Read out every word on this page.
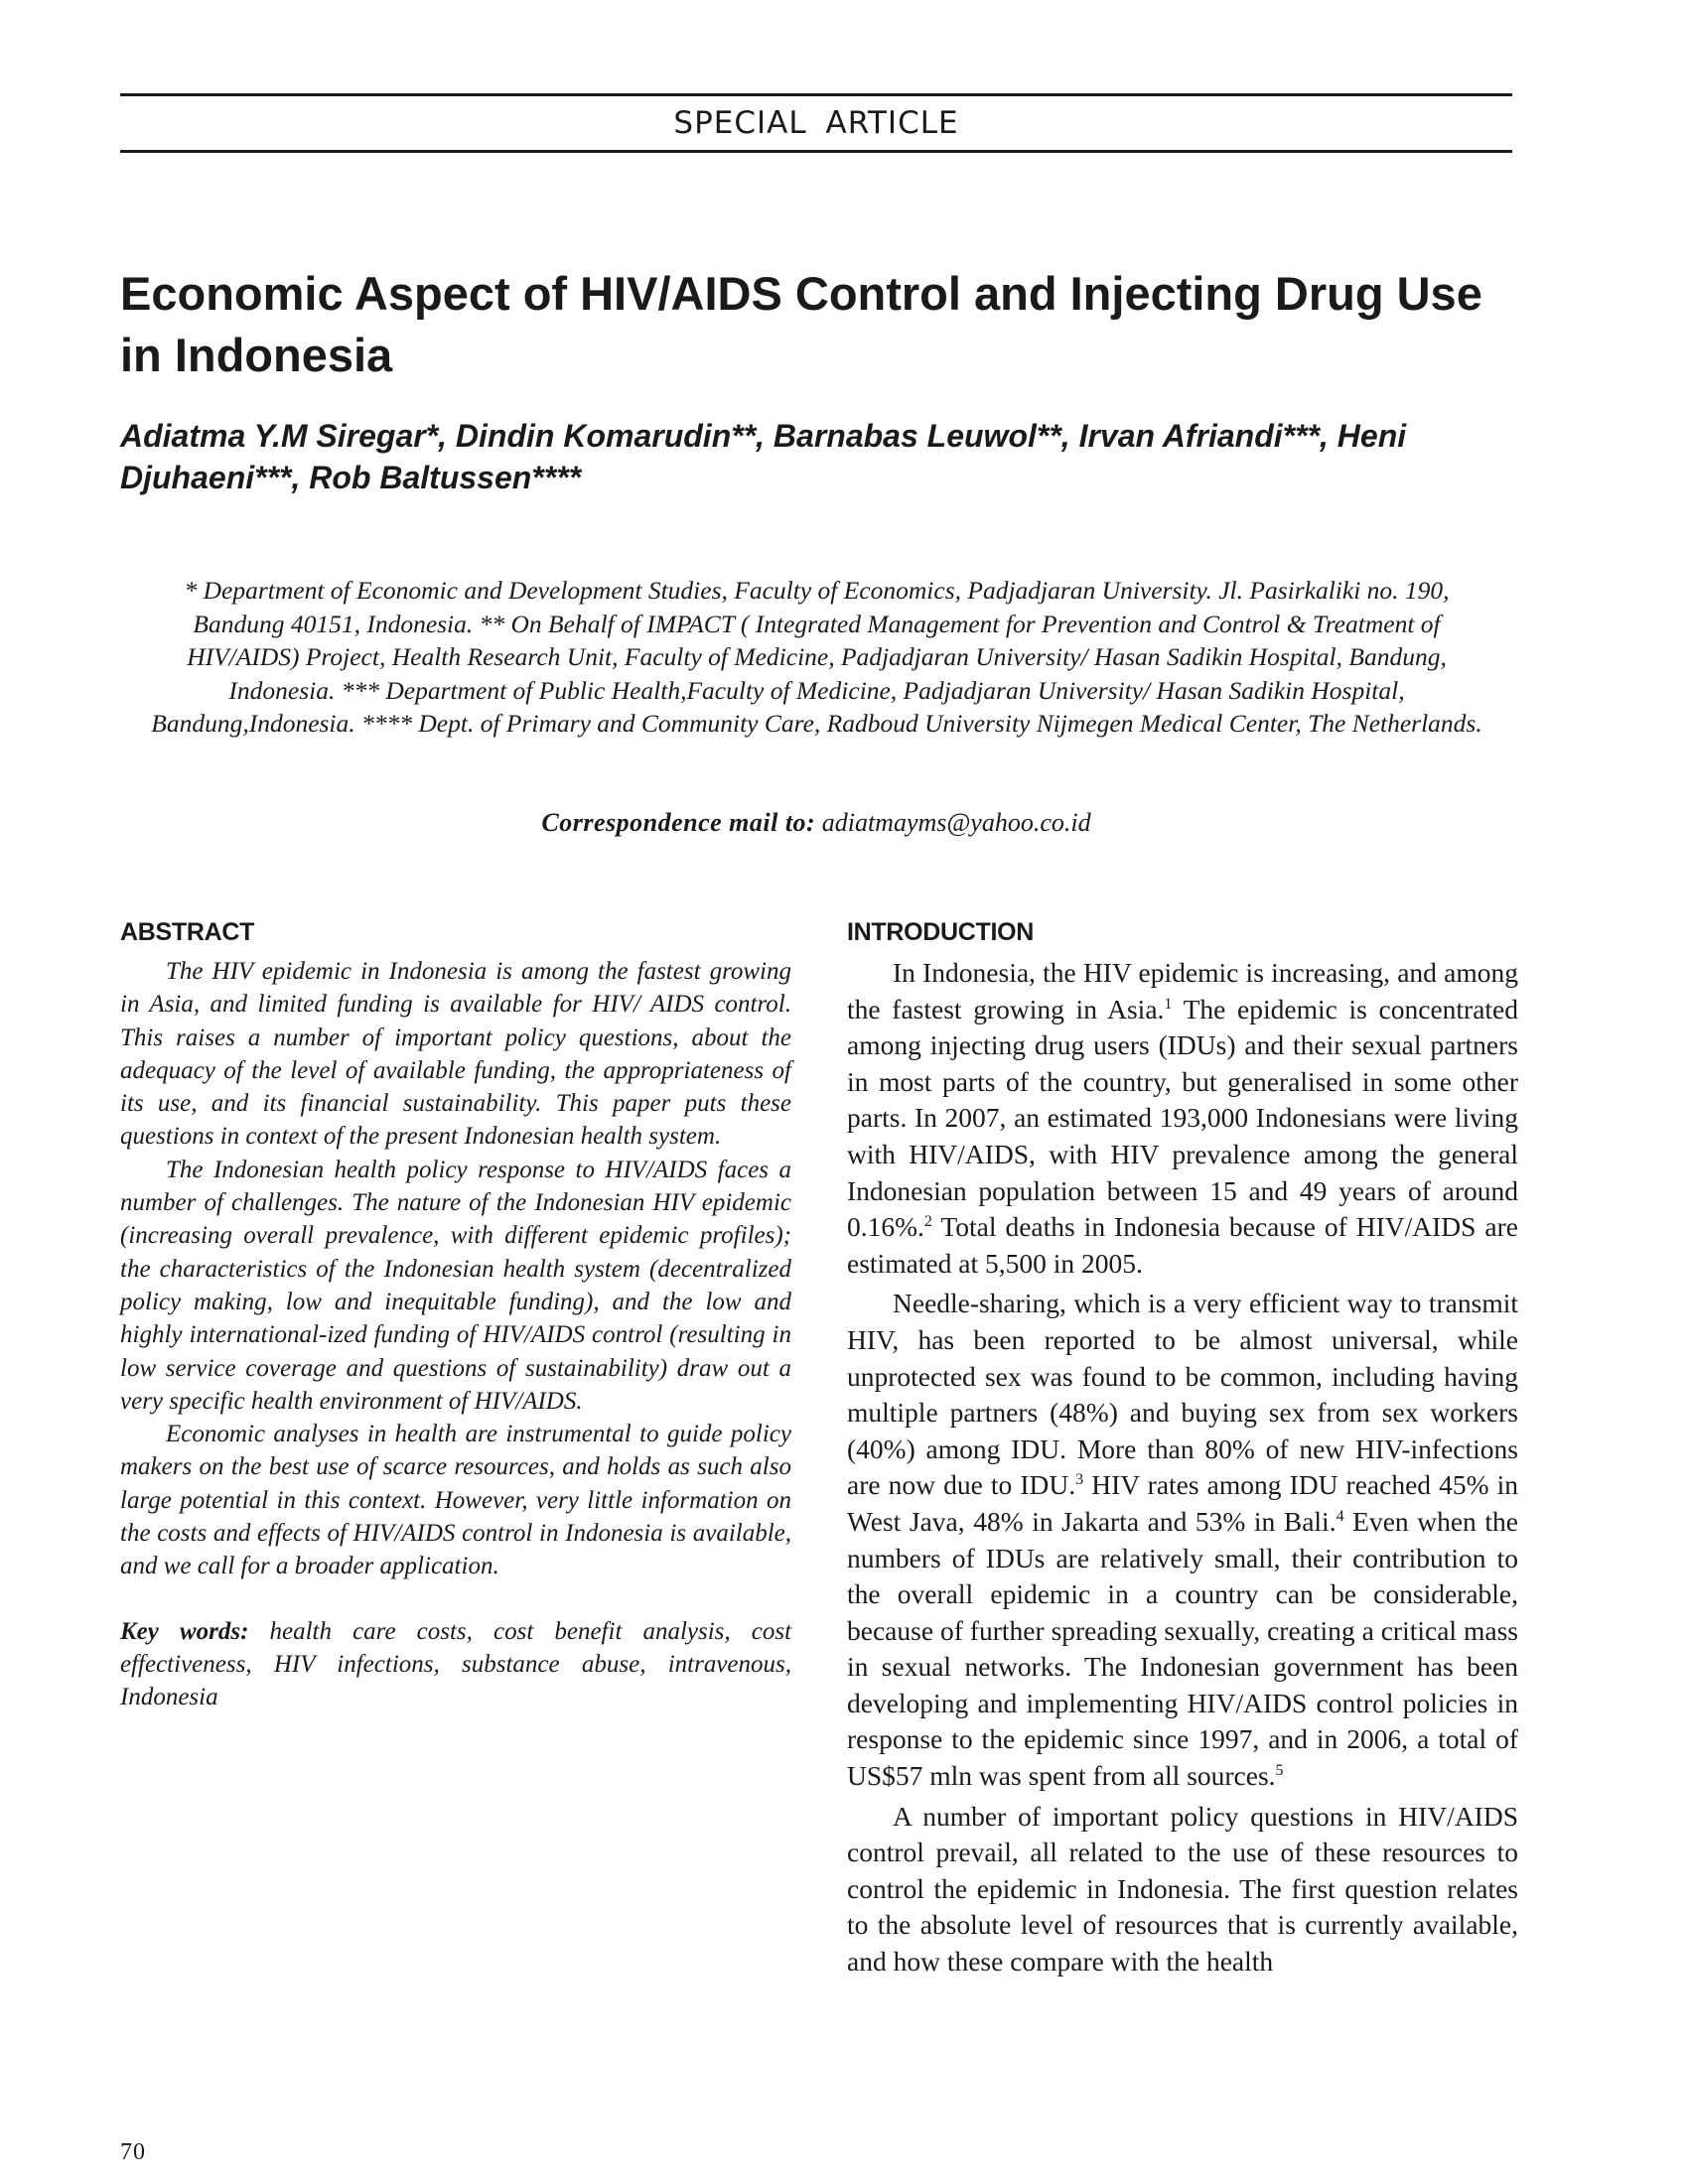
SPECIAL ARTICLE
Economic Aspect of HIV/AIDS Control and Injecting Drug Use in Indonesia
Adiatma Y.M Siregar*, Dindin Komarudin**, Barnabas Leuwol**, Irvan Afriandi***, Heni Djuhaeni***, Rob Baltussen****
* Department of Economic and Development Studies, Faculty of Economics, Padjadjaran University. Jl. Pasirkaliki no. 190, Bandung 40151, Indonesia. ** On Behalf of IMPACT ( Integrated Management for Prevention and Control & Treatment of HIV/AIDS) Project, Health Research Unit, Faculty of Medicine, Padjadjaran University/ Hasan Sadikin Hospital, Bandung, Indonesia. *** Department of Public Health,Faculty of Medicine, Padjadjaran University/ Hasan Sadikin Hospital, Bandung,Indonesia. **** Dept. of Primary and Community Care, Radboud University Nijmegen Medical Center, The Netherlands.
Correspondence mail to: adiatmayms@yahoo.co.id
ABSTRACT

The HIV epidemic in Indonesia is among the fastest growing in Asia, and limited funding is available for HIV/ AIDS control. This raises a number of important policy questions, about the adequacy of the level of available funding, the appropriateness of its use, and its financial sustainability. This paper puts these questions in context of the present Indonesian health system.

The Indonesian health policy response to HIV/AIDS faces a number of challenges. The nature of the Indonesian HIV epidemic (increasing overall prevalence, with different epidemic profiles); the characteristics of the Indonesian health system (decentralized policy making, low and inequitable funding), and the low and highly international-ized funding of HIV/AIDS control (resulting in low service coverage and questions of sustainability) draw out a very specific health environment of HIV/AIDS.

Economic analyses in health are instrumental to guide policy makers on the best use of scarce resources, and holds as such also large potential in this context. However, very little information on the costs and effects of HIV/AIDS control in Indonesia is available, and we call for a broader application.

Key words: health care costs, cost benefit analysis, cost effectiveness, HIV infections, substance abuse, intravenous, Indonesia

INTRODUCTION

In Indonesia, the HIV epidemic is increasing, and among the fastest growing in Asia.$^1$ The epidemic is concentrated among injecting drug users (IDUs) and their sexual partners in most parts of the country, but generalised in some other parts. In 2007, an estimated 193,000 Indonesians were living with HIV/AIDS, with HIV prevalence among the general Indonesian population between 15 and 49 years of around 0.16%.$^2$ Total deaths in Indonesia because of HIV/AIDS are estimated at 5,500 in 2005.

Needle-sharing, which is a very efficient way to transmit HIV, has been reported to be almost universal, while unprotected sex was found to be common, including having multiple partners (48%) and buying sex from sex workers (40%) among IDU. More than 80% of new HIV-infections are now due to IDU.$^3$ HIV rates among IDU reached 45% in West Java, 48% in Jakarta and 53% in Bali.$^4$ Even when the numbers of IDUs are relatively small, their contribution to the overall epidemic in a country can be considerable, because of further spreading sexually, creating a critical mass in sexual networks. The Indonesian government has been developing and implementing HIV/AIDS control policies in response to the epidemic since 1997, and in 2006, a total of US$57 mln was spent from all sources.$^5$

A number of important policy questions in HIV/AIDS control prevail, all related to the use of these resources to control the epidemic in Indonesia. The first question relates to the absolute level of resources that is currently available, and how these compare with the health

70
